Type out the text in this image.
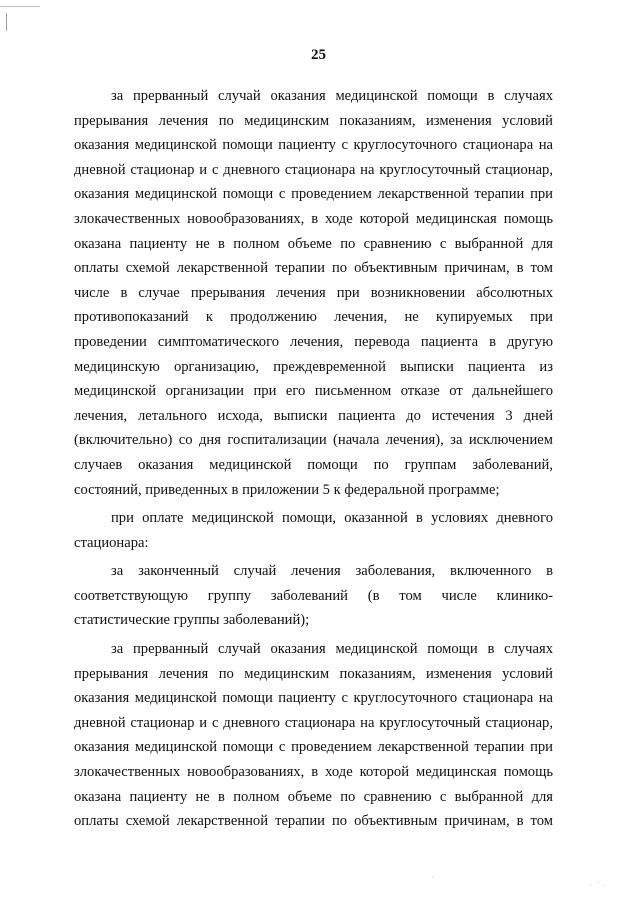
25
за прерванный случай оказания медицинской помощи в случаях
прерывания лечения по медицинским показаниям, изменения условий
оказания медицинской помощи пациенту с круглосуточного стационара на
дневной стационар и с дневного стационара на круглосуточный стационар,
оказания медицинской помощи с проведением лекарственной терапии при
злокачественных новообразованиях, в ходе которой медицинская помощь
оказана пациенту не в полном объеме по сравнению с выбранной для
оплаты схемой лекарственной терапии по объективным причинам, в том
числе в случае прерывания лечения при возникновении абсолютных
противопоказаний к продолжению лечения, не купируемых при
проведении симптоматического лечения, перевода пациента в другую
медицинскую организацию, преждевременной выписки пациента из
медицинской организации при его письменном отказе от дальнейшего
лечения, летального исхода, выписки пациента до истечения 3 дней
(включительно) со дня госпитализации (начала лечения), за исключением
случаев оказания медицинской помощи по группам заболеваний,
состояний, приведенных в приложении 5 к федеральной программе;
при оплате медицинской помощи, оказанной в условиях дневного
стационара:
за законченный случай лечения заболевания, включенного в
соответствующую группу заболеваний (в том числе клинико-
статистические группы заболеваний);
за прерванный случай оказания медицинской помощи в случаях
прерывания лечения по медицинским показаниям, изменения условий
оказания медицинской помощи пациенту с круглосуточного стационара на
дневной стационар и с дневного стационара на круглосуточный стационар,
оказания медицинской помощи с проведением лекарственной терапии при
злокачественных новообразованиях, в ходе которой медицинская помощь
оказана пациенту не в полном объеме по сравнению с выбранной для
оплаты схемой лекарственной терапии по объективным причинам, в том
